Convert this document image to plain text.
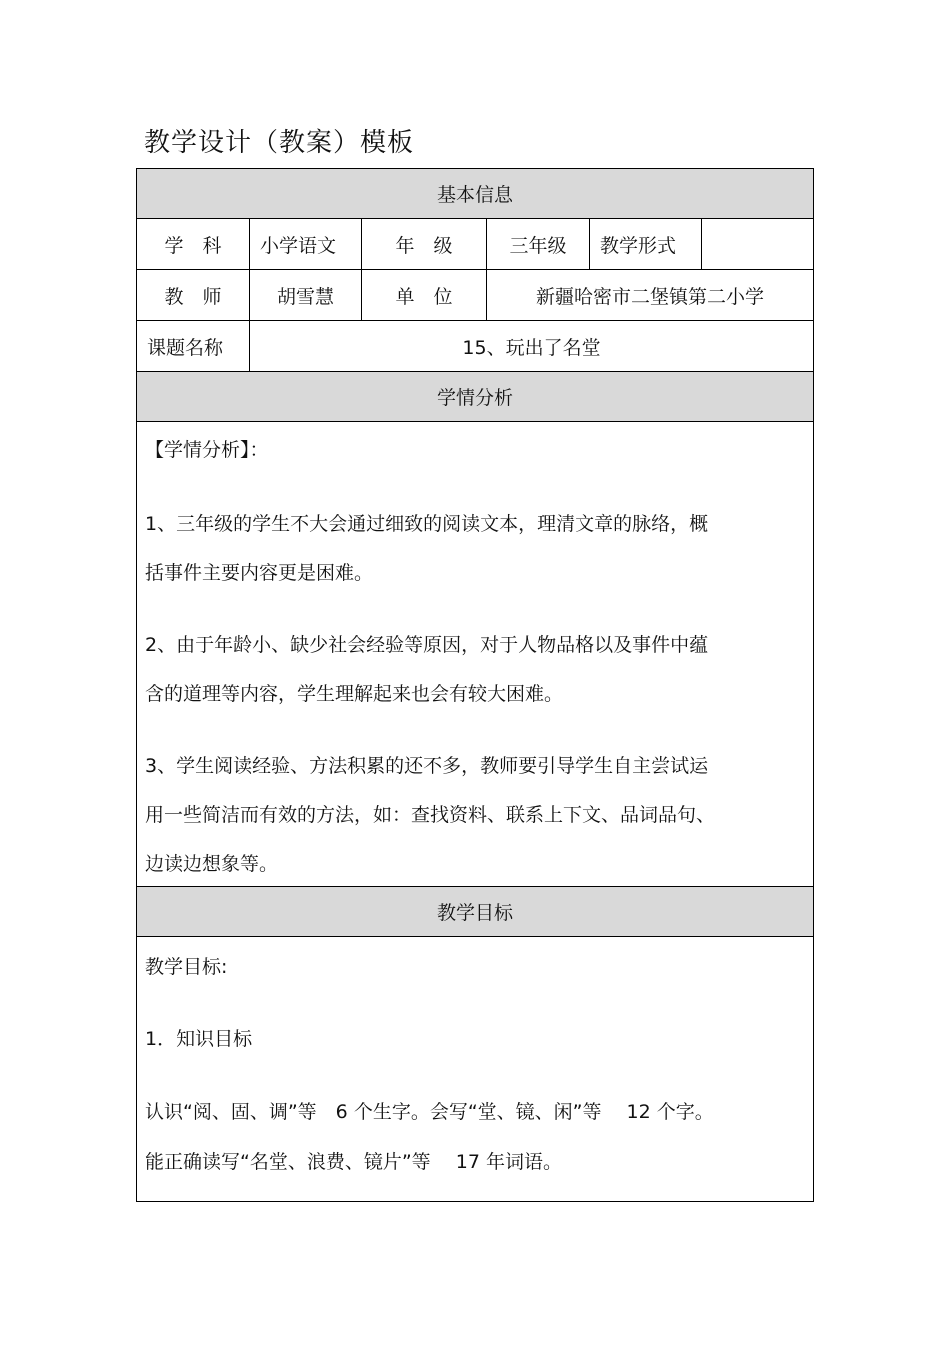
教学设计（教案）模板
基本信息
学　科	小学语文	年　级	三年级	教学形式
教　师	胡雪慧	单　位	新疆哈密市二堡镇第二小学
课题名称	15、玩出了名堂
学情分析
【学情分析】：
1、三年级的学生不大会通过细致的阅读文本，理清文章的脉络，概
括事件主要内容更是困难。
2、由于年龄小、缺少社会经验等原因，对于人物品格以及事件中蕴
含的道理等内容，学生理解起来也会有较大困难。
3、学生阅读经验、方法积累的还不多，教师要引导学生自主尝试运
用一些简洁而有效的方法，如：查找资料、联系上下文、品词品句、
边读边想象等。
教学目标
教学目标:
1．知识目标
认识“阅、固、调”等　6 个生字。会写“堂、镜、闲”等　 12 个字。
能正确读写“名堂、浪费、镜片”等　 17 年词语。
